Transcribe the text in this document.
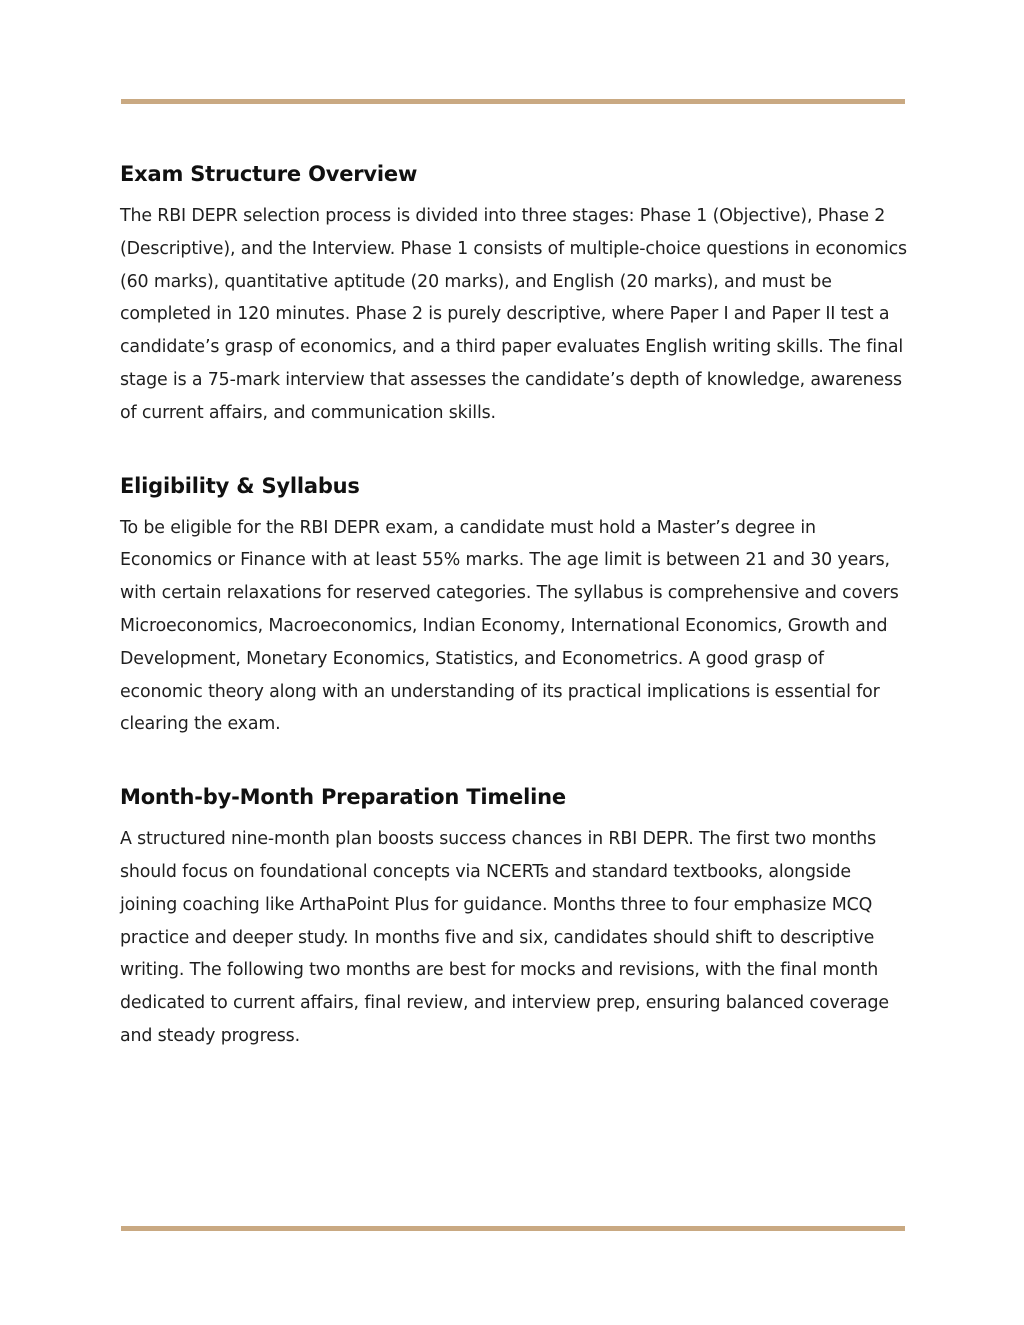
Exam Structure Overview

The RBI DEPR selection process is divided into three stages: Phase 1 (Objective), Phase 2 (Descriptive), and the Interview. Phase 1 consists of multiple-choice questions in economics (60 marks), quantitative aptitude (20 marks), and English (20 marks), and must be completed in 120 minutes. Phase 2 is purely descriptive, where Paper I and Paper II test a candidate’s grasp of economics, and a third paper evaluates English writing skills. The final stage is a 75-mark interview that assesses the candidate’s depth of knowledge, awareness of current affairs, and communication skills.

Eligibility & Syllabus

To be eligible for the RBI DEPR exam, a candidate must hold a Master’s degree in Economics or Finance with at least 55% marks. The age limit is between 21 and 30 years, with certain relaxations for reserved categories. The syllabus is comprehensive and covers Microeconomics, Macroeconomics, Indian Economy, International Economics, Growth and Development, Monetary Economics, Statistics, and Econometrics. A good grasp of economic theory along with an understanding of its practical implications is essential for clearing the exam.

Month-by-Month Preparation Timeline

A structured nine-month plan boosts success chances in RBI DEPR. The first two months should focus on foundational concepts via NCERTs and standard textbooks, alongside joining coaching like ArthaPoint Plus for guidance. Months three to four emphasize MCQ practice and deeper study. In months five and six, candidates should shift to descriptive writing. The following two months are best for mocks and revisions, with the final month dedicated to current affairs, final review, and interview prep, ensuring balanced coverage and steady progress.
